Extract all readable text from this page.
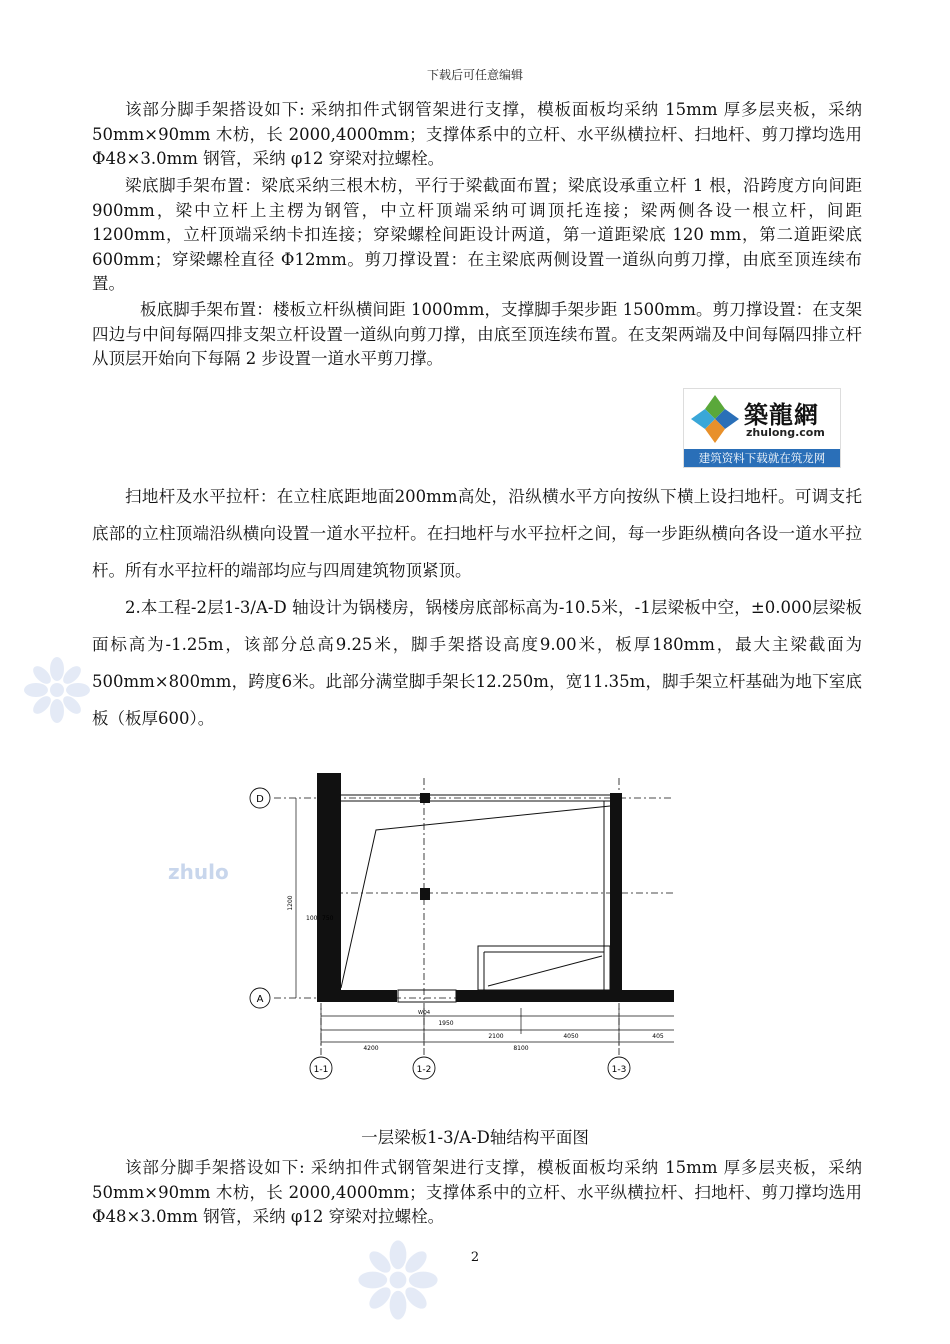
下载后可任意编辑

该部分脚手架搭设如下: 采纳扣件式钢管架进行支撑，模板面板均采纳 15mm 厚多层夹板，采纳 50mm×90mm 木枋，长 2000,4000mm；支撑体系中的立杆、水平纵横拉杆、扫地杆、剪刀撑均选用 Φ48×3.0mm 钢管，采纳 φ12 穿梁对拉螺栓。

梁底脚手架布置：梁底采纳三根木枋，平行于梁截面布置；梁底设承重立杆 1 根，沿跨度方向间距 900mm，梁中立杆上主楞为钢管，中立杆顶端采纳可调顶托连接；梁两侧各设一根立杆，间距 1200mm，立杆顶端采纳卡扣连接；穿梁螺栓间距设计两道，第一道距梁底 120 mm，第二道距梁底 600mm；穿梁螺栓直径 Φ12mm。剪刀撑设置：在主梁底两侧设置一道纵向剪刀撑，由底至顶连续布置。

板底脚手架布置：楼板立杆纵横间距 1000mm，支撑脚手架步距 1500mm。剪刀撑设置：在支架四边与中间每隔四排支架立杆设置一道纵向剪刀撑，由底至顶连续布置。在支架两端及中间每隔四排立杆从顶层开始向下每隔 2 步设置一道水平剪刀撑。

築龍網
zhulong.com
建筑资料下载就在筑龙网

扫地杆及水平拉杆：在立柱底距地面200mm高处，沿纵横水平方向按纵下横上设扫地杆。可调支托底部的立柱顶端沿纵横向设置一道水平拉杆。在扫地杆与水平拉杆之间，每一步距纵横向各设一道水平拉杆。所有水平拉杆的端部均应与四周建筑物顶紧顶。

2.本工程-2层1-3/A-D 轴设计为锅楼房，锅楼房底部标高为-10.5米，-1层梁板中空，±0.000层梁板面标高为-1.25m，该部分总高9.25米，脚手架搭设高度9.00米，板厚180mm，最大主梁截面为500mm×800mm，跨度6米。此部分满堂脚手架长12.250m，宽11.35m，脚手架立杆基础为地下室底板（板厚600）。

zhulo
D
A
1-1	1-2	1-3
1200
100 750
1950
2100	4050	405
4200	8100
WQ4
一层梁板1-3/A-D轴结构平面图

该部分脚手架搭设如下: 采纳扣件式钢管架进行支撑，模板面板均采纳 15mm 厚多层夹板，采纳 50mm×90mm 木枋，长 2000,4000mm；支撑体系中的立杆、水平纵横拉杆、扫地杆、剪刀撑均选用 Φ48×3.0mm 钢管，采纳 φ12 穿梁对拉螺栓。

2
